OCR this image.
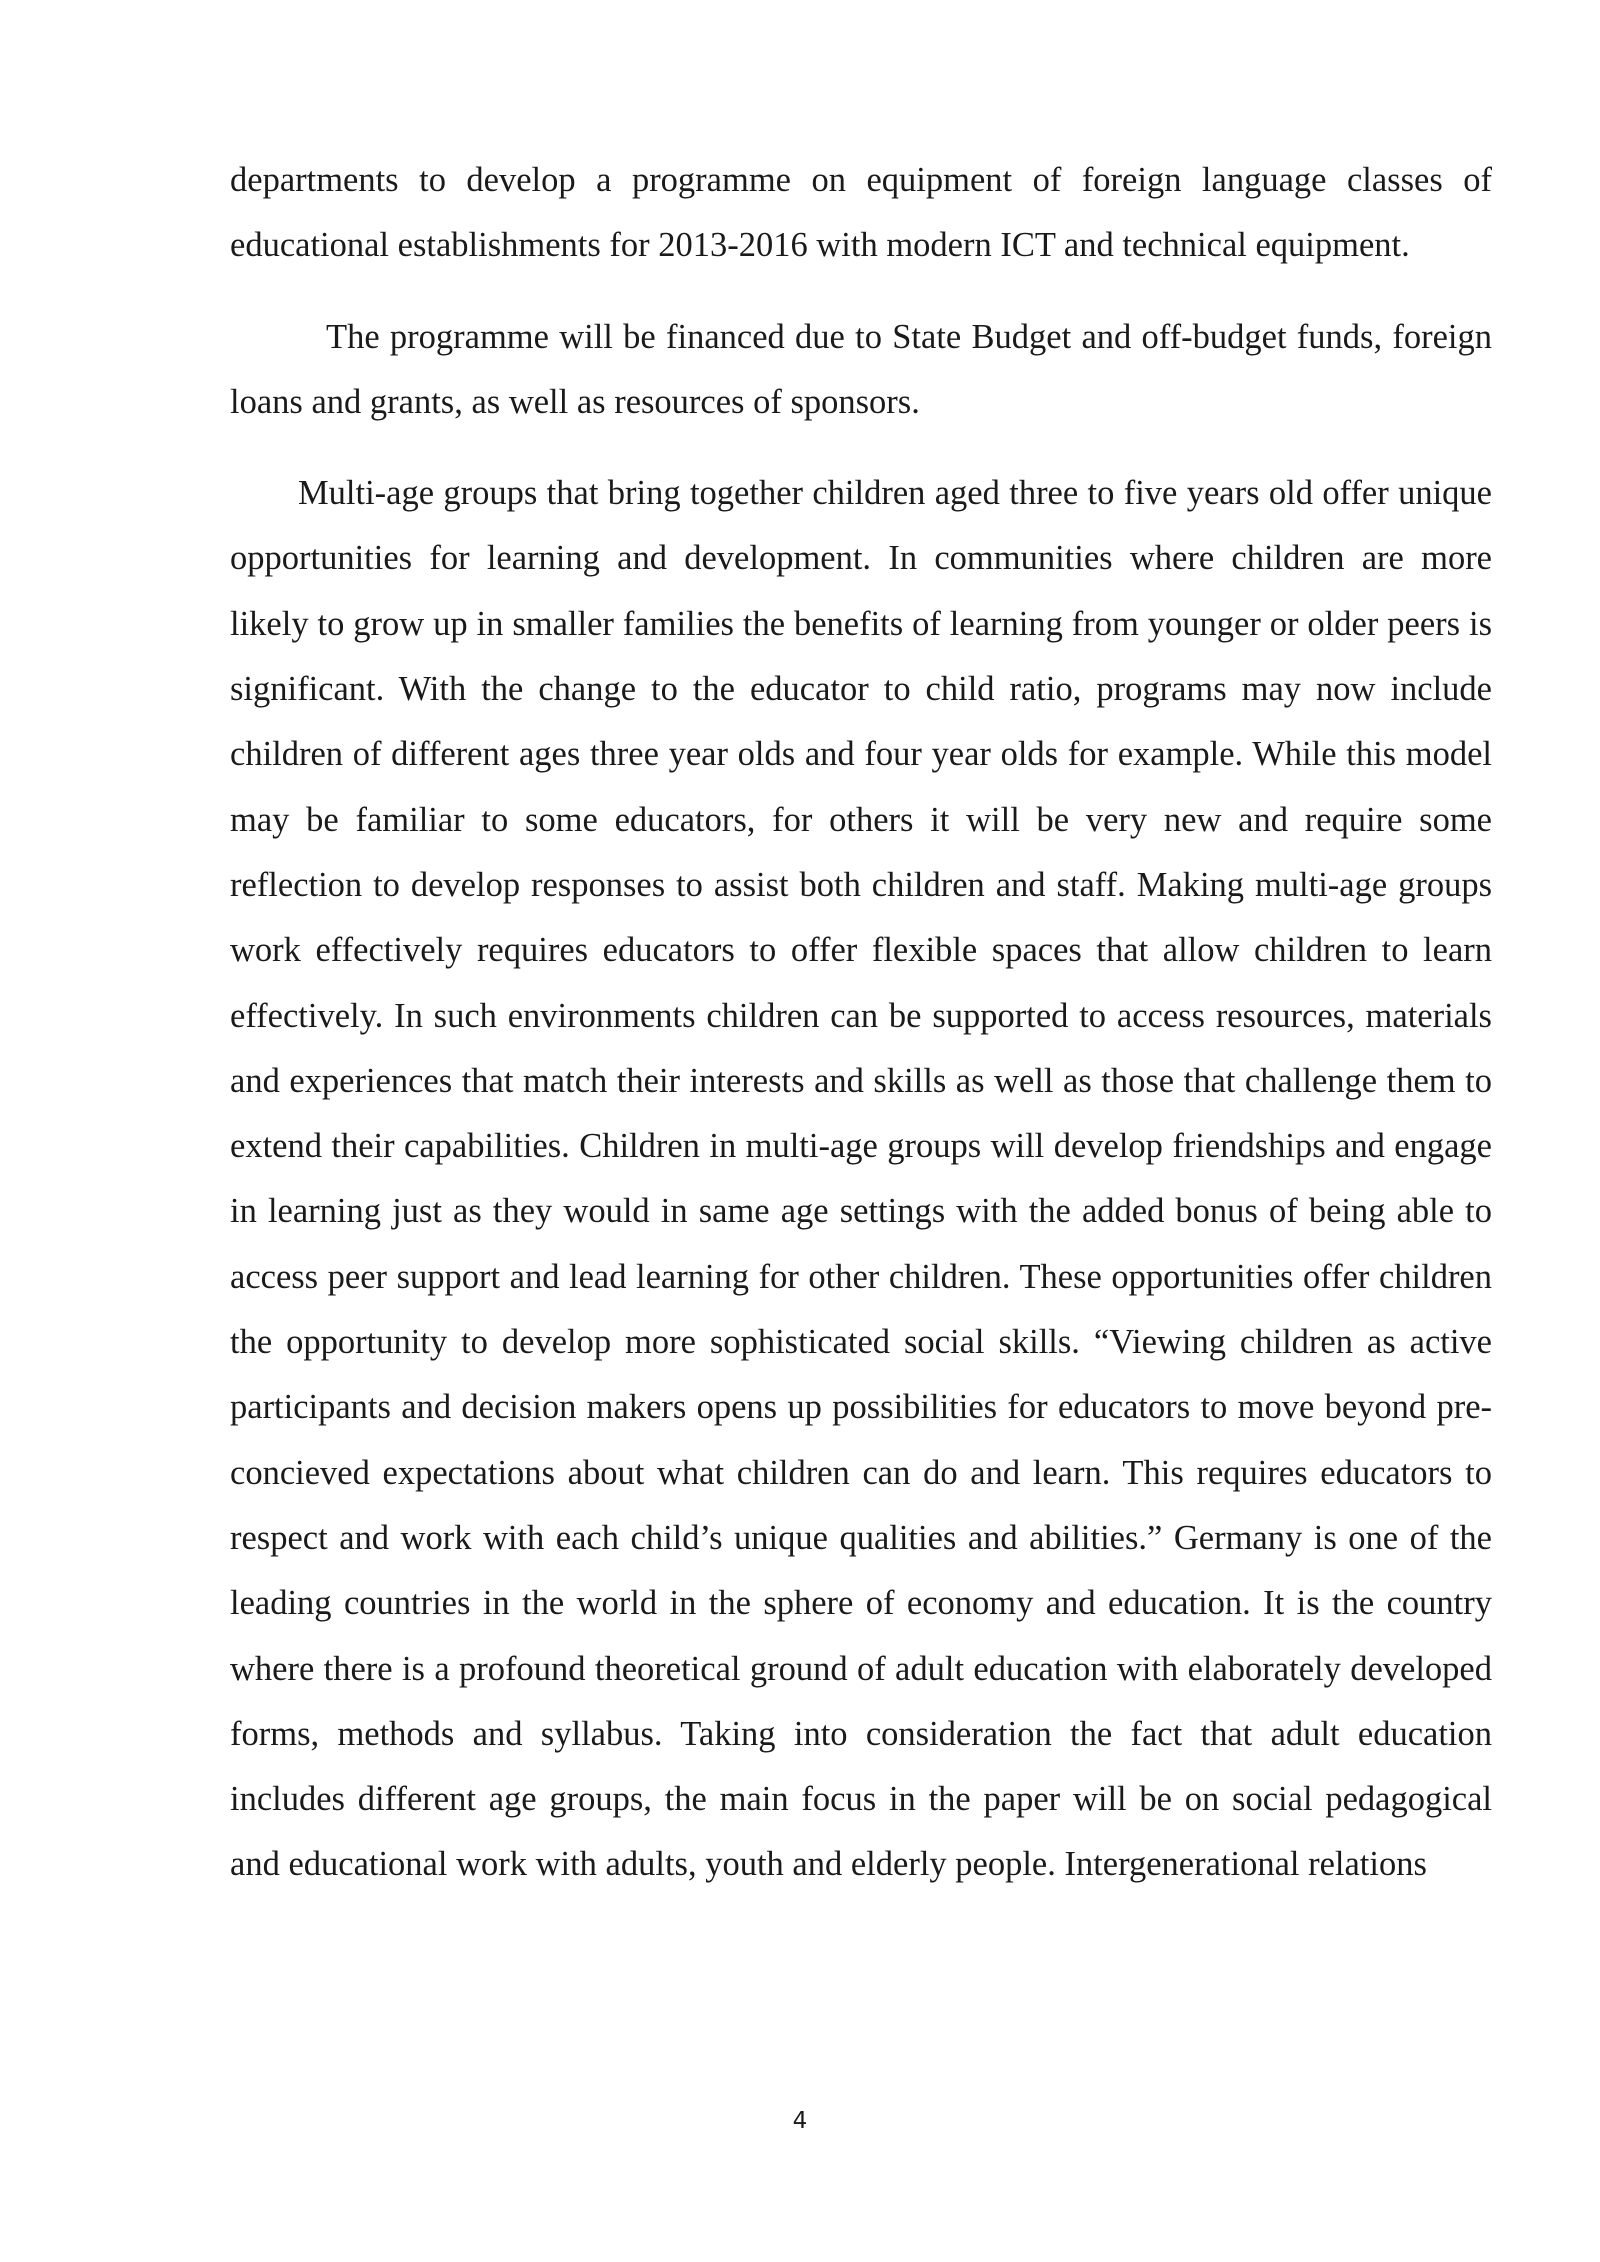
departments to develop a programme on equipment of foreign language classes of educational establishments for 2013-2016 with modern ICT and technical equipment.

The programme will be financed due to State Budget and off-budget funds, foreign loans and grants, as well as resources of sponsors.

Multi-age groups that bring together children aged three to five years old offer unique opportunities for learning and development. In communities where children are more likely to grow up in smaller families the benefits of learning from younger or older peers is significant. With the change to the educator to child ratio, programs may now include children of different ages three year olds and four year olds for example. While this model may be familiar to some educators, for others it will be very new and require some reflection to develop responses to assist both children and staff. Making multi-age groups work effectively requires educators to offer flexible spaces that allow children to learn effectively. In such environments children can be supported to access resources, materials and experiences that match their interests and skills as well as those that challenge them to extend their capabilities. Children in multi-age groups will develop friendships and engage in learning just as they would in same age settings with the added bonus of being able to access peer support and lead learning for other children. These opportunities offer children the opportunity to develop more sophisticated social skills. “Viewing children as active participants and decision makers opens up possibilities for educators to move beyond pre-concieved expectations about what children can do and learn. This requires educators to respect and work with each child’s unique qualities and abilities.” Germany is one of the leading countries in the world in the sphere of economy and education. It is the country where there is a profound theoretical ground of adult education with elaborately developed forms, methods and syllabus. Taking into consideration the fact that adult education includes different age groups, the main focus in the paper will be on social pedagogical and educational work with adults, youth and elderly people. Intergenerational relations

4
